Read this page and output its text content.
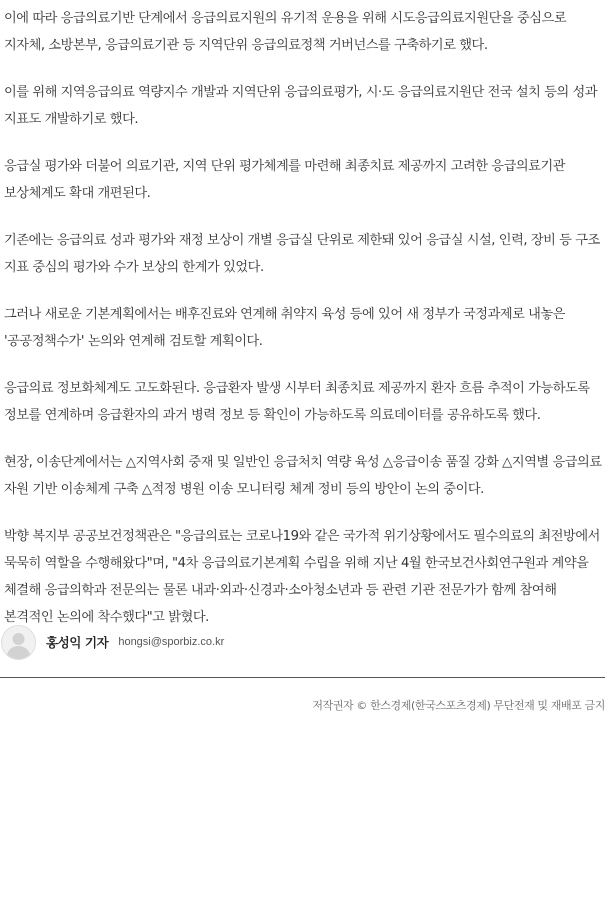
이에 따라 응급의료기반 단계에서 응급의료지원의 유기적 운용을 위해 시도응급의료지원단을 중심으로 지자체, 소방본부, 응급의료기관 등 지역단위 응급의료정책 거버넌스를 구축하기로 했다.

이를 위해 지역응급의료 역량지수 개발과 지역단위 응급의료평가, 시·도 응급의료지원단 전국 설치 등의 성과 지표도 개발하기로 했다.

응급실 평가와 더불어 의료기관, 지역 단위 평가체계를 마련해 최종치료 제공까지 고려한 응급의료기관 보상체계도 확대 개편된다.

기존에는 응급의료 성과 평가와 재정 보상이 개별 응급실 단위로 제한돼 있어 응급실 시설, 인력, 장비 등 구조 지표 중심의 평가와 수가 보상의 한계가 있었다.

그러나 새로운 기본계획에서는 배후진료와 연계해 취약지 육성 등에 있어 새 정부가 국정과제로 내놓은 '공공정책수가' 논의와 연계해 검토할 계획이다.

응급의료 정보화체계도 고도화된다. 응급환자 발생 시부터 최종치료 제공까지 환자 흐름 추적이 가능하도록 정보를 연계하며 응급환자의 과거 병력 정보 등 확인이 가능하도록 의료데이터를 공유하도록 했다.

현장, 이송단계에서는 △지역사회 중재 및 일반인 응급처치 역량 육성 △응급이송 품질 강화 △지역별 응급의료 자원 기반 이송체계 구축 △적정 병원 이송 모니터링 체계 정비 등의 방안이 논의 중이다.

박향 복지부 공공보건정책관은 "응급의료는 코로나19와 같은 국가적 위기상황에서도 필수의료의 최전방에서 묵묵히 역할을 수행해왔다"며, "4차 응급의료기본계획 수립을 위해 지난 4월 한국보건사회연구원과 계약을 체결해 응급의학과 전문의는 물론 내과·외과·신경과·소아청소년과 등 관련 기관 전문가가 함께 참여해 본격적인 논의에 착수했다"고 밝혔다.

홍성익 기자 hongsi@sporbiz.co.kr
저작권자 © 한스경제(한국스포츠경제) 무단전재 및 재배포 금지
